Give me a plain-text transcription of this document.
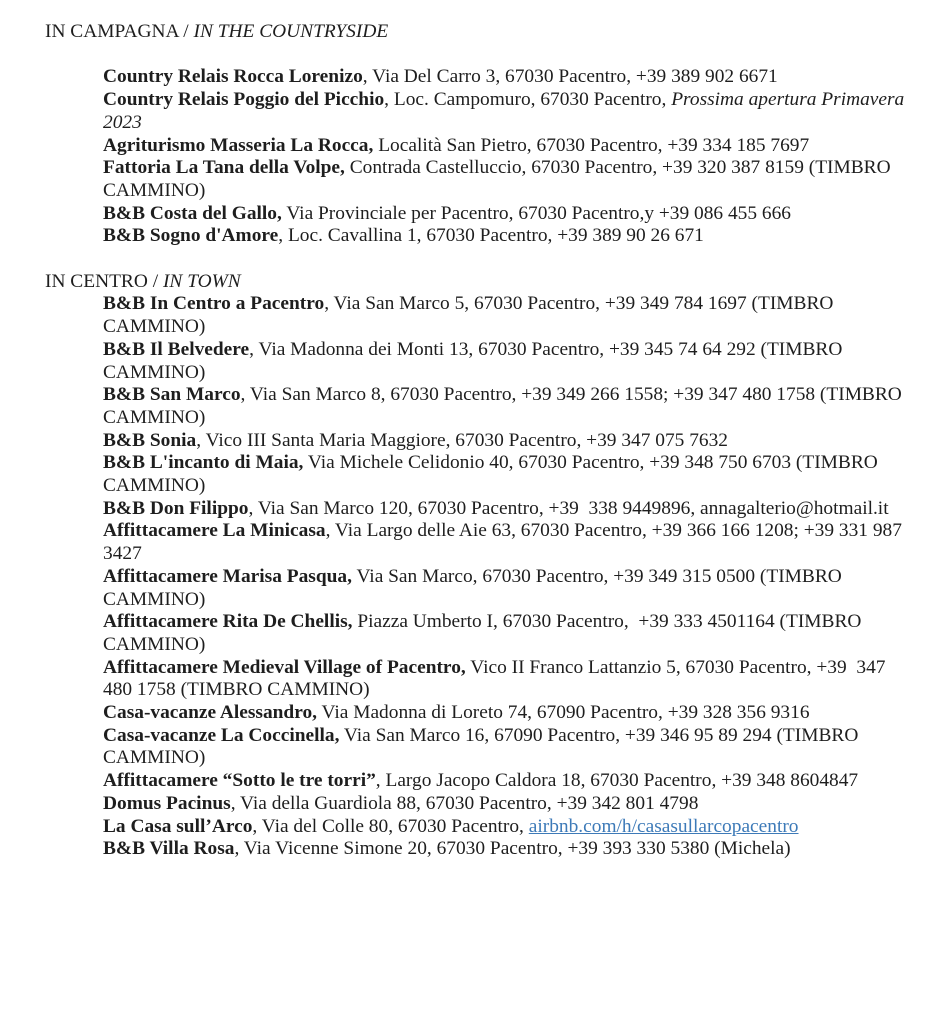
IN CAMPAGNA / IN THE COUNTRYSIDE

Country Relais Rocca Lorenizo, Via Del Carro 3, 67030 Pacentro, +39 389 902 6671

Country Relais Poggio del Picchio, Loc. Campomuro, 67030 Pacentro, Prossima apertura Primavera 2023

Agriturismo Masseria La Rocca, Località San Pietro, 67030 Pacentro, +39 334 185 7697

Fattoria La Tana della Volpe, Contrada Castelluccio, 67030 Pacentro, +39 320 387 8159 (TIMBRO CAMMINO)

B&B Costa del Gallo, Via Provinciale per Pacentro, 67030 Pacentro,y +39 086 455 666

B&B Sogno d'Amore, Loc. Cavallina 1, 67030 Pacentro, +39 389 90 26 671

IN CENTRO / IN TOWN

B&B In Centro a Pacentro, Via San Marco 5, 67030 Pacentro, +39 349 784 1697 (TIMBRO CAMMINO)

B&B Il Belvedere, Via Madonna dei Monti 13, 67030 Pacentro, +39 345 74 64 292 (TIMBRO CAMMINO)

B&B San Marco, Via San Marco 8, 67030 Pacentro, +39 349 266 1558; +39 347 480 1758 (TIMBRO CAMMINO)

B&B Sonia, Vico III Santa Maria Maggiore, 67030 Pacentro, +39 347 075 7632

B&B L'incanto di Maia, Via Michele Celidonio 40, 67030 Pacentro, +39 348 750 6703 (TIMBRO CAMMINO)

B&B Don Filippo, Via San Marco 120, 67030 Pacentro, +39  338 9449896, annagalterio@hotmail.it

Affittacamere La Minicasa, Via Largo delle Aie 63, 67030 Pacentro, +39 366 166 1208; +39 331 987 3427

Affittacamere Marisa Pasqua, Via San Marco, 67030 Pacentro, +39 349 315 0500 (TIMBRO CAMMINO)

Affittacamere Rita De Chellis, Piazza Umberto I, 67030 Pacentro,  +39 333 4501164 (TIMBRO CAMMINO)

Affittacamere Medieval Village of Pacentro, Vico II Franco Lattanzio 5, 67030 Pacentro, +39  347 480 1758 (TIMBRO CAMMINO)

Casa-vacanze Alessandro, Via Madonna di Loreto 74, 67090 Pacentro, +39 328 356 9316

Casa-vacanze La Coccinella, Via San Marco 16, 67090 Pacentro, +39 346 95 89 294 (TIMBRO CAMMINO)

Affittacamere “Sotto le tre torri”, Largo Jacopo Caldora 18, 67030 Pacentro, +39 348 8604847

Domus Pacinus, Via della Guardiola 88, 67030 Pacentro, +39 342 801 4798

La Casa sull’Arco, Via del Colle 80, 67030 Pacentro, airbnb.com/h/casasullarcopacentro

B&B Villa Rosa, Via Vicenne Simone 20, 67030 Pacentro, +39 393 330 5380 (Michela)
